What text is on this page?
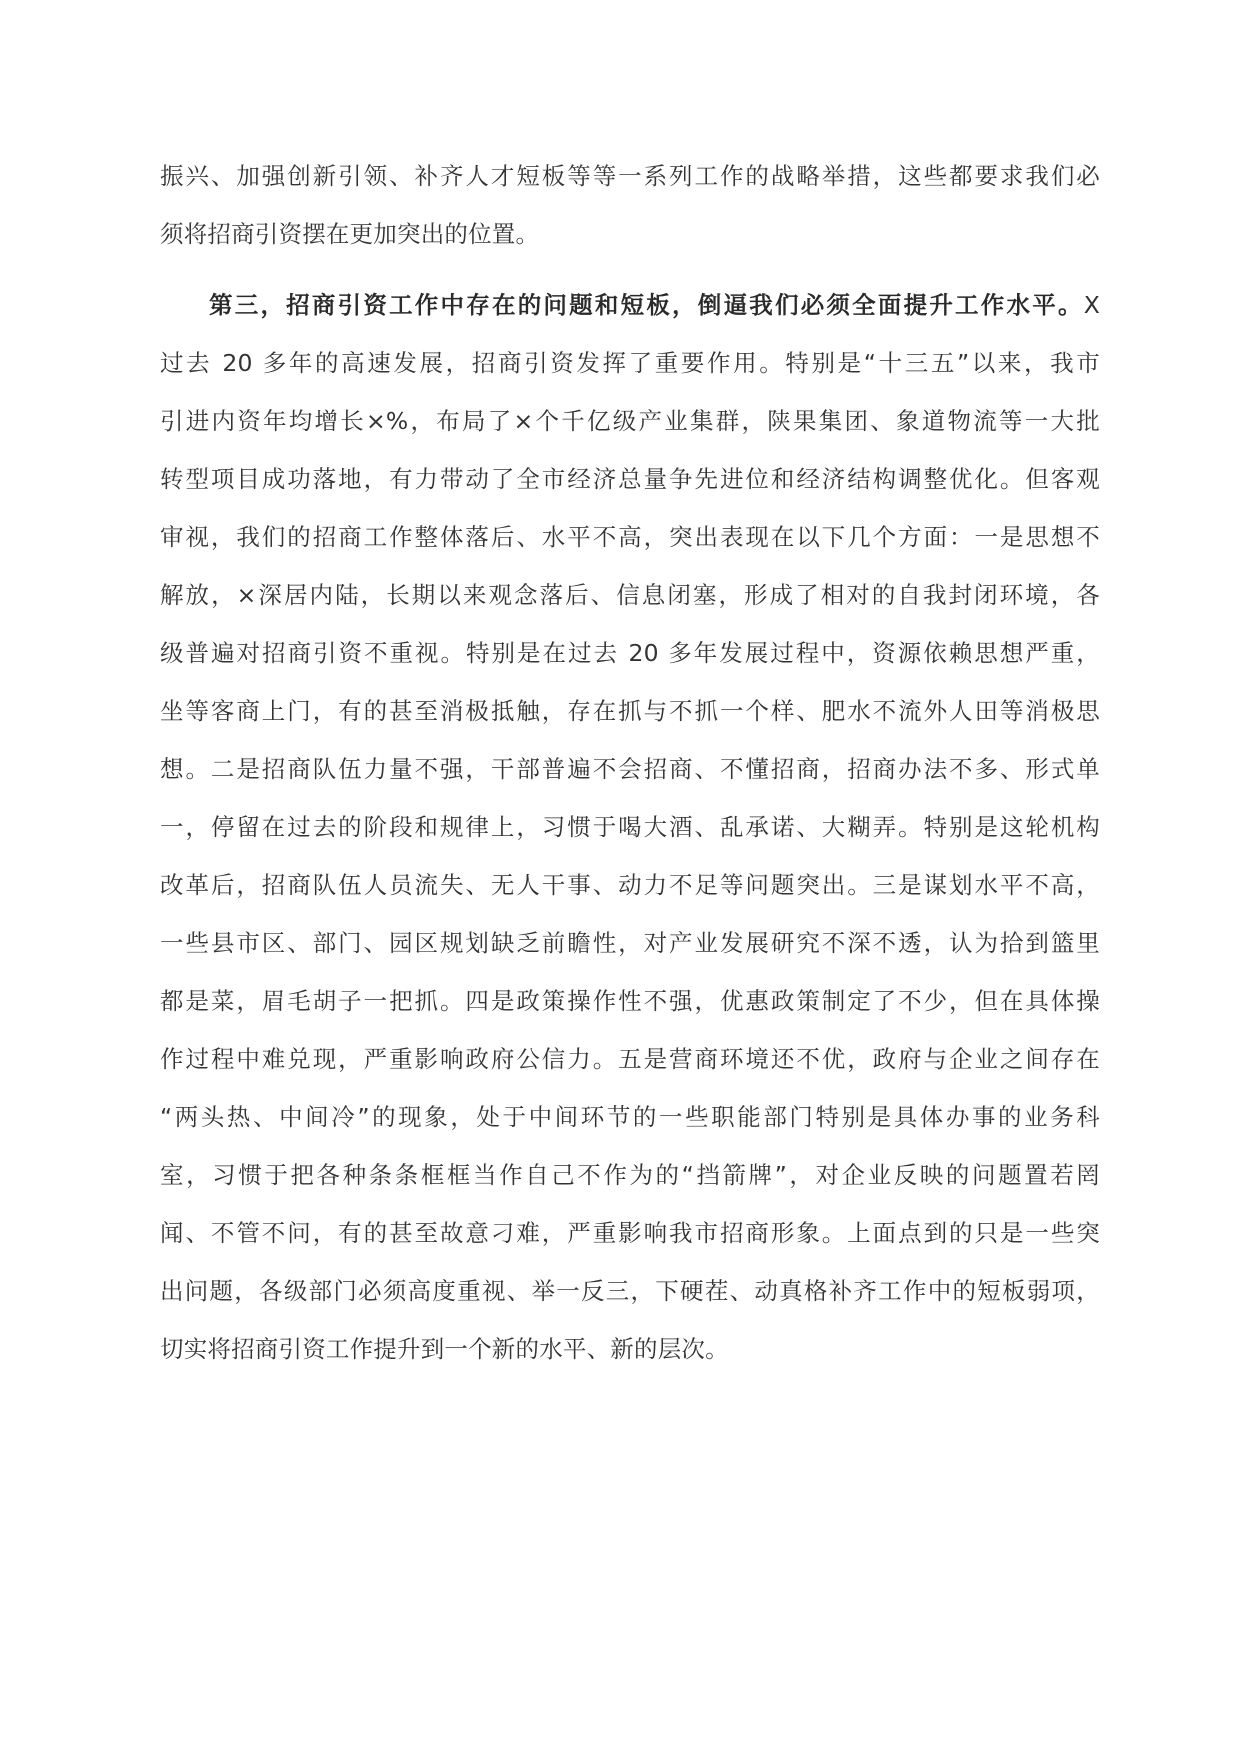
振兴、加强创新引领、补齐人才短板等等一系列工作的战略举措，这些都要求我们必
须将招商引资摆在更加突出的位置。
第三，招商引资工作中存在的问题和短板，倒逼我们必须全面提升工作水平。X
过去 20 多年的高速发展，招商引资发挥了重要作用。特别是“十三五”以来，我市
引进内资年均增长×%，布局了×个千亿级产业集群，陕果集团、象道物流等一大批
转型项目成功落地，有力带动了全市经济总量争先进位和经济结构调整优化。但客观
审视，我们的招商工作整体落后、水平不高，突出表现在以下几个方面：一是思想不
解放，×深居内陆，长期以来观念落后、信息闭塞，形成了相对的自我封闭环境，各
级普遍对招商引资不重视。特别是在过去 20 多年发展过程中，资源依赖思想严重，
坐等客商上门，有的甚至消极抵触，存在抓与不抓一个样、肥水不流外人田等消极思
想。二是招商队伍力量不强，干部普遍不会招商、不懂招商，招商办法不多、形式单
一，停留在过去的阶段和规律上，习惯于喝大酒、乱承诺、大糊弄。特别是这轮机构
改革后，招商队伍人员流失、无人干事、动力不足等问题突出。三是谋划水平不高，
一些县市区、部门、园区规划缺乏前瞻性，对产业发展研究不深不透，认为拾到篮里
都是菜，眉毛胡子一把抓。四是政策操作性不强，优惠政策制定了不少，但在具体操
作过程中难兑现，严重影响政府公信力。五是营商环境还不优，政府与企业之间存在
“两头热、中间冷”的现象，处于中间环节的一些职能部门特别是具体办事的业务科
室，习惯于把各种条条框框当作自己不作为的“挡箭牌”，对企业反映的问题置若罔
闻、不管不问，有的甚至故意刁难，严重影响我市招商形象。上面点到的只是一些突
出问题，各级部门必须高度重视、举一反三，下硬茬、动真格补齐工作中的短板弱项，
切实将招商引资工作提升到一个新的水平、新的层次。
